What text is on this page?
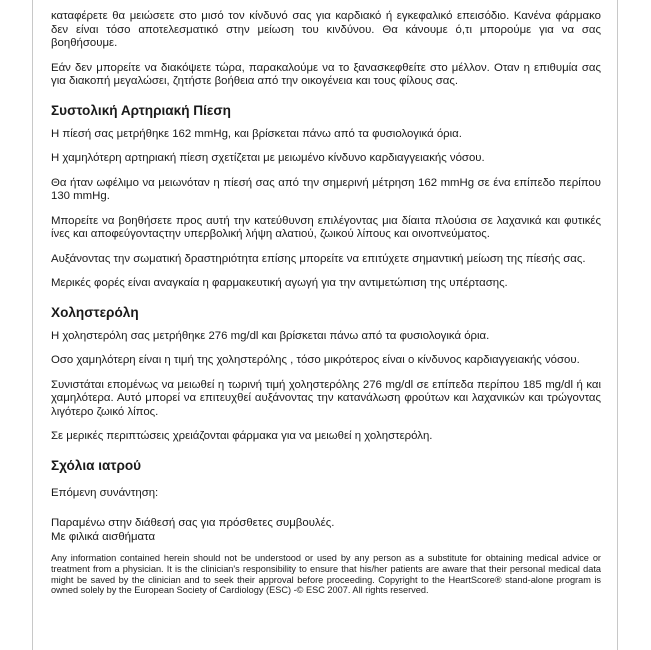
καταφέρετε θα μειώσετε στο μισό τον κίνδυνό σας για καρδιακό ή εγκεφαλικό επεισόδιο. Κανένα φάρμακο δεν είναι τόσο αποτελεσματικό στην μείωση του κινδύνου. Θα κάνουμε ό,τι μπορούμε για να σας βοηθήσουμε.

Εάν δεν μπορείτε να διακόψετε τώρα, παρακαλούμε να το ξανασκεφθείτε στο μέλλον. Οταν η επιθυμία σας για διακοπή μεγαλώσει, ζητήστε βοήθεια από την οικογένεια και τους φίλους σας.

Συστολική Αρτηριακή Πίεση

Η πίεσή σας μετρήθηκε 162 mmHg, και βρίσκεται πάνω από τα φυσιολογικά όρια.

Η χαμηλότερη αρτηριακή πίεση σχετίζεται με μειωμένο κίνδυνο καρδιαγγειακής νόσου.

Θα ήταν ωφέλιμο να μειωνόταν η πίεσή σας από την σημερινή μέτρηση 162 mmHg σε ένα επίπεδο περίπου 130 mmHg.

Μπορείτε να βοηθήσετε προς αυτή την κατεύθυνση επιλέγοντας μια δίαιτα πλούσια σε λαχανικά και φυτικές ίνες και αποφεύγονταςτην υπερβολική λήψη αλατιού, ζωικού λίπους και οινοπνεύματος.

Αυξάνοντας την σωματική δραστηριότητα επίσης μπορείτε να επιτύχετε σημαντική μείωση της πίεσής σας.

Μερικές φορές είναι αναγκαία η φαρμακευτική αγωγή για την αντιμετώπιση της υπέρτασης.

Χοληστερόλη

Η χοληστερόλη σας μετρήθηκε 276 mg/dl και βρίσκεται πάνω από τα φυσιολογικά όρια.

Οσο χαμηλότερη είναι η τιμή της χοληστερόλης , τόσο μικρότερος είναι ο κίνδυνος καρδιαγγειακής νόσου.

Συνιστάται επομένως να μειωθεί η τωρινή τιμή χοληστερόλης 276 mg/dl σε επίπεδα περίπου 185 mg/dl ή και χαμηλότερα. Αυτό μπορεί να επιτευχθεί αυξάνοντας την κατανάλωση φρούτων και λαχανικών και τρώγοντας λιγότερο ζωικό λίπος.

Σε μερικές περιπτώσεις χρειάζονται φάρμακα για να μειωθεί η χοληστερόλη.

Σχόλια ιατρού

Επόμενη συνάντηση:

Παραμένω στην διάθεσή σας για πρόσθετες συμβουλές.

Με φιλικά αισθήματα

Any information contained herein should not be understood or used by any person as a substitute for obtaining medical advice or treatment from a physician. It is the clinician's responsibility to ensure that his/her patients are aware that their personal medical data might be saved by the clinician and to seek their approval before proceeding. Copyright to the HeartScore® stand-alone program is owned solely by the European Society of Cardiology (ESC) -© ESC 2007. All rights reserved.
